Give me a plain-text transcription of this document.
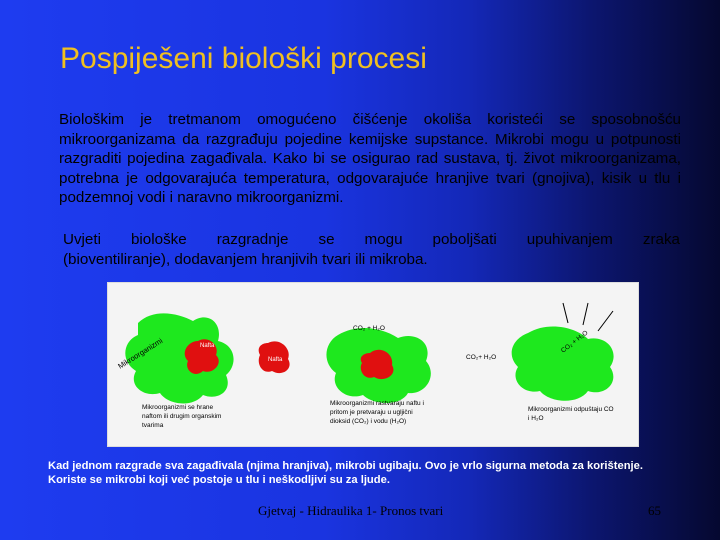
Pospiješeni biološki procesi
Biološkim je tretmanom omogućeno čišćenje okoliša koristeći se sposobnošću mikroorganizama da razgrađuju pojedine kemijske supstance. Mikrobi mogu u potpunosti razgraditi pojedina zagađivala. Kako bi se osigurao rad sustava, tj. život mikroorganizama, potrebna je odgovarajuća temperatura, odgovarajuće hranjive tvari (gnojiva), kisik u tlu i podzemnoj vodi i naravno mikroorganizmi.
Uvjeti biološke razgradnje se mogu poboljšati upuhivanjem zraka
(bioventiliranje), dodavanjem hranjivih tvari ili mikroba.
Mikroorganizmi	Nafta
Nafta
CO₂ + H₂O
CO₂+ H₂O
CO₂ + H₂O
Mikroorganizmi se hrane
naftom ili drugim organskim
tvarima
Mikroorganizmi rastvaraju naftu i
pritom je pretvaraju u ugljični
dioksid (CO₂) i vodu (H₂O)
Mikroorganizmi odpuštaju CO
i H₂O
Kad jednom razgrade sva zagađivala (njima hranjiva), mikrobi ugibaju. Ovo je vrlo sigurna metoda za korištenje.
Koriste se mikrobi koji već postoje u tlu i neškodljivi su za ljude.
Gjetvaj - Hidraulika 1- Pronos tvari	65
